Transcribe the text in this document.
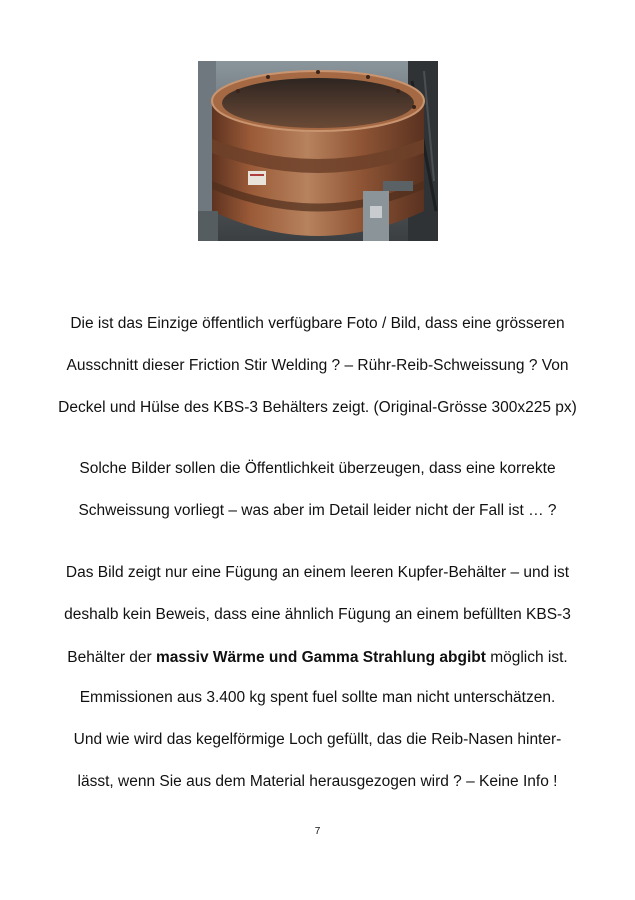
Die ist das Einzige öffentlich verfügbare Foto / Bild, dass eine grösseren
Ausschnitt dieser Friction Stir Welding ? – Rühr-Reib-Schweissung ? Von
Deckel und Hülse des KBS-3 Behälters zeigt. (Original-Grösse 300x225 px)
Solche Bilder sollen die Öffentlichkeit überzeugen, dass eine korrekte
Schweissung vorliegt – was aber im Detail leider nicht der Fall ist … ?
Das Bild zeigt nur eine Fügung an einem leeren Kupfer-Behälter – und ist
deshalb kein Beweis, dass eine ähnlich Fügung an einem befüllten KBS-3
Behälter der massiv Wärme und Gamma Strahlung abgibt möglich ist.
Emmissionen aus 3.400 kg spent fuel sollte man nicht unterschätzen.
Und wie wird das kegelförmige Loch gefüllt, das die Reib-Nasen hinter-
lässt, wenn Sie aus dem Material herausgezogen wird ? – Keine Info !
7
